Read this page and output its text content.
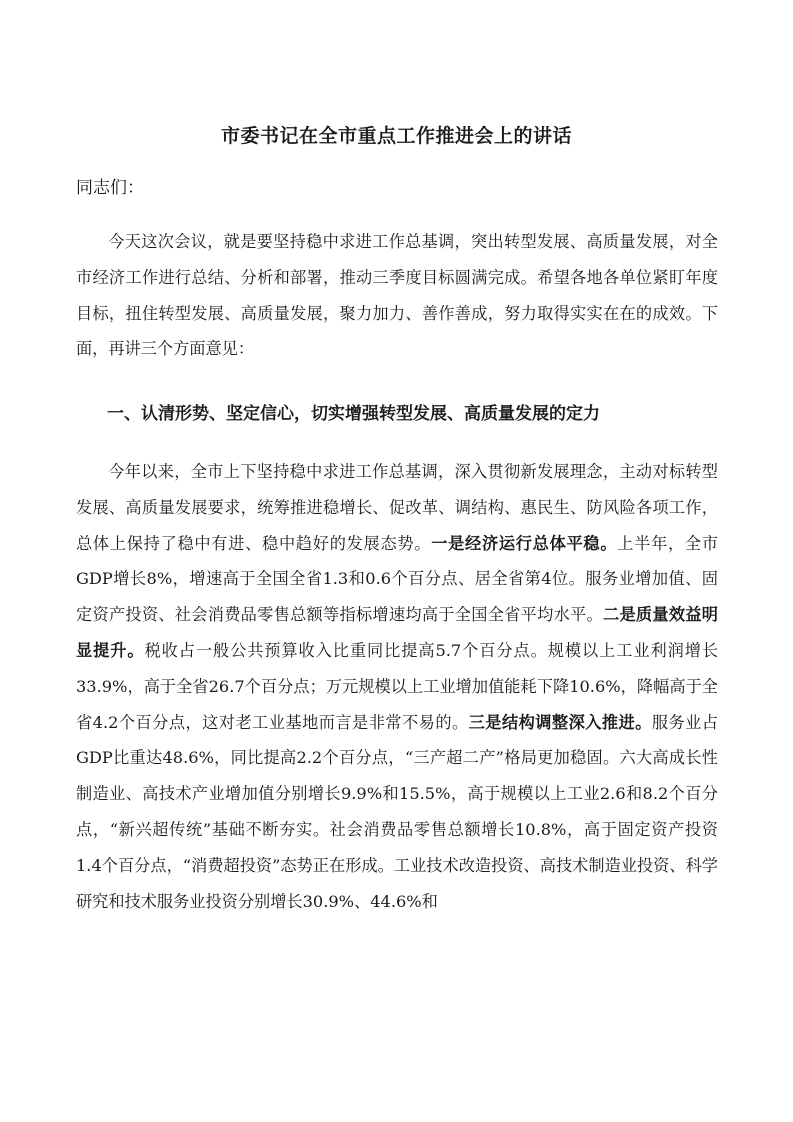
市委书记在全市重点工作推进会上的讲话
同志们：
今天这次会议，就是要坚持稳中求进工作总基调，突出转型发展、高质量发展，对全市经济工作进行总结、分析和部署，推动三季度目标圆满完成。希望各地各单位紧盯年度目标，扭住转型发展、高质量发展，聚力加力、善作善成，努力取得实实在在的成效。下面，再讲三个方面意见：
一、认清形势、坚定信心，切实增强转型发展、高质量发展的定力
今年以来，全市上下坚持稳中求进工作总基调，深入贯彻新发展理念，主动对标转型发展、高质量发展要求，统筹推进稳增长、促改革、调结构、惠民生、防风险各项工作，总体上保持了稳中有进、稳中趋好的发展态势。一是经济运行总体平稳。上半年，全市GDP增长8%，增速高于全国全省1.3和0.6个百分点、居全省第4位。服务业增加值、固定资产投资、社会消费品零售总额等指标增速均高于全国全省平均水平。二是质量效益明显提升。税收占一般公共预算收入比重同比提高5.7个百分点。规模以上工业利润增长33.9%，高于全省26.7个百分点；万元规模以上工业增加值能耗下降10.6%，降幅高于全省4.2个百分点，这对老工业基地而言是非常不易的。三是结构调整深入推进。服务业占GDP比重达48.6%，同比提高2.2个百分点，“三产超二产”格局更加稳固。六大高成长性制造业、高技术产业增加值分别增长9.9%和15.5%，高于规模以上工业2.6和8.2个百分点，“新兴超传统”基础不断夯实。社会消费品零售总额增长10.8%，高于固定资产投资1.4个百分点，“消费超投资”态势正在形成。工业技术改造投资、高技术制造业投资、科学研究和技术服务业投资分别增长30.9%、44.6%和
